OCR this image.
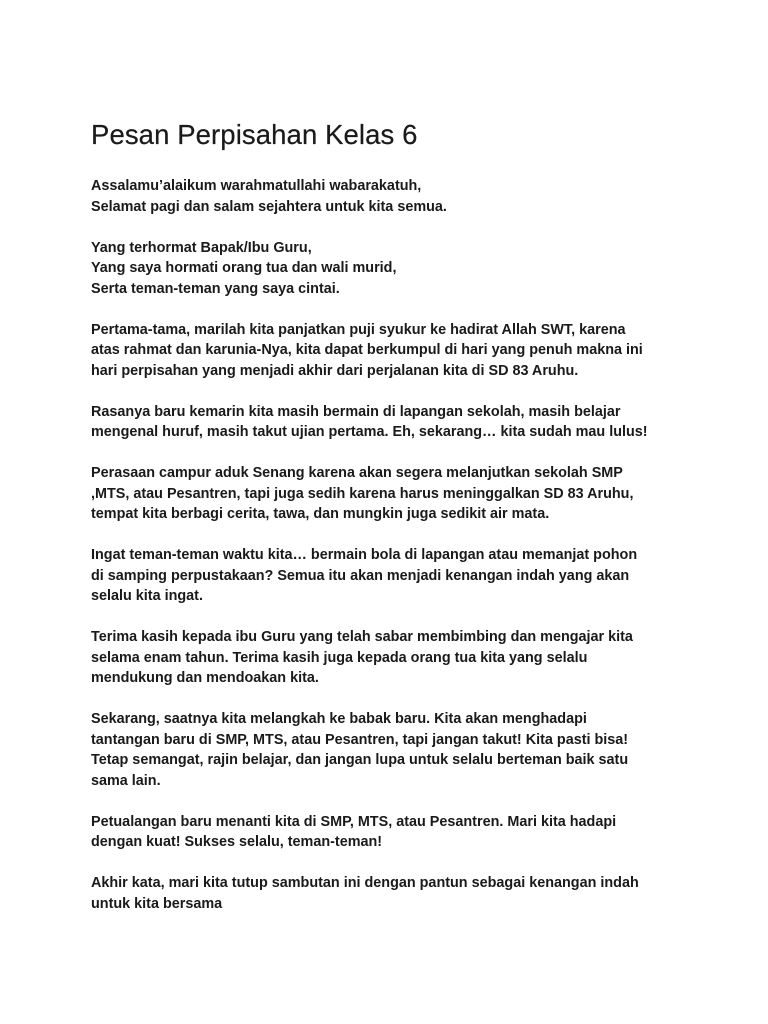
Pesan Perpisahan Kelas 6

Assalamu’alaikum warahmatullahi wabarakatuh,
Selamat pagi dan salam sejahtera untuk kita semua.

Yang terhormat Bapak/Ibu Guru,
Yang saya hormati orang tua dan wali murid,
Serta teman-teman yang saya cintai.

Pertama-tama, marilah kita panjatkan puji syukur ke hadirat Allah SWT, karena
atas rahmat dan karunia-Nya, kita dapat berkumpul di hari yang penuh makna ini
hari perpisahan yang menjadi akhir dari perjalanan kita di SD 83 Aruhu.

Rasanya baru kemarin kita masih bermain di lapangan sekolah, masih belajar
mengenal huruf, masih takut ujian pertama. Eh, sekarang… kita sudah mau lulus!

Perasaan campur aduk Senang karena akan segera melanjutkan sekolah SMP
,MTS, atau Pesantren, tapi juga sedih karena harus meninggalkan SD 83 Aruhu,
tempat kita berbagi cerita, tawa, dan mungkin juga sedikit air mata.

Ingat teman-teman waktu kita… bermain bola di lapangan atau memanjat pohon
di samping perpustakaan? Semua itu akan menjadi kenangan indah yang akan
selalu kita ingat.

Terima kasih kepada ibu Guru yang telah sabar membimbing dan mengajar kita
selama enam tahun. Terima kasih juga kepada orang tua kita yang selalu
mendukung dan mendoakan kita.

Sekarang, saatnya kita melangkah ke babak baru. Kita akan menghadapi
tantangan baru di SMP, MTS, atau Pesantren, tapi jangan takut! Kita pasti bisa!
Tetap semangat, rajin belajar, dan jangan lupa untuk selalu berteman baik satu
sama lain.

Petualangan baru menanti kita di SMP, MTS, atau Pesantren. Mari kita hadapi
dengan kuat! Sukses selalu, teman-teman!

Akhir kata, mari kita tutup sambutan ini dengan pantun sebagai kenangan indah
untuk kita bersama
